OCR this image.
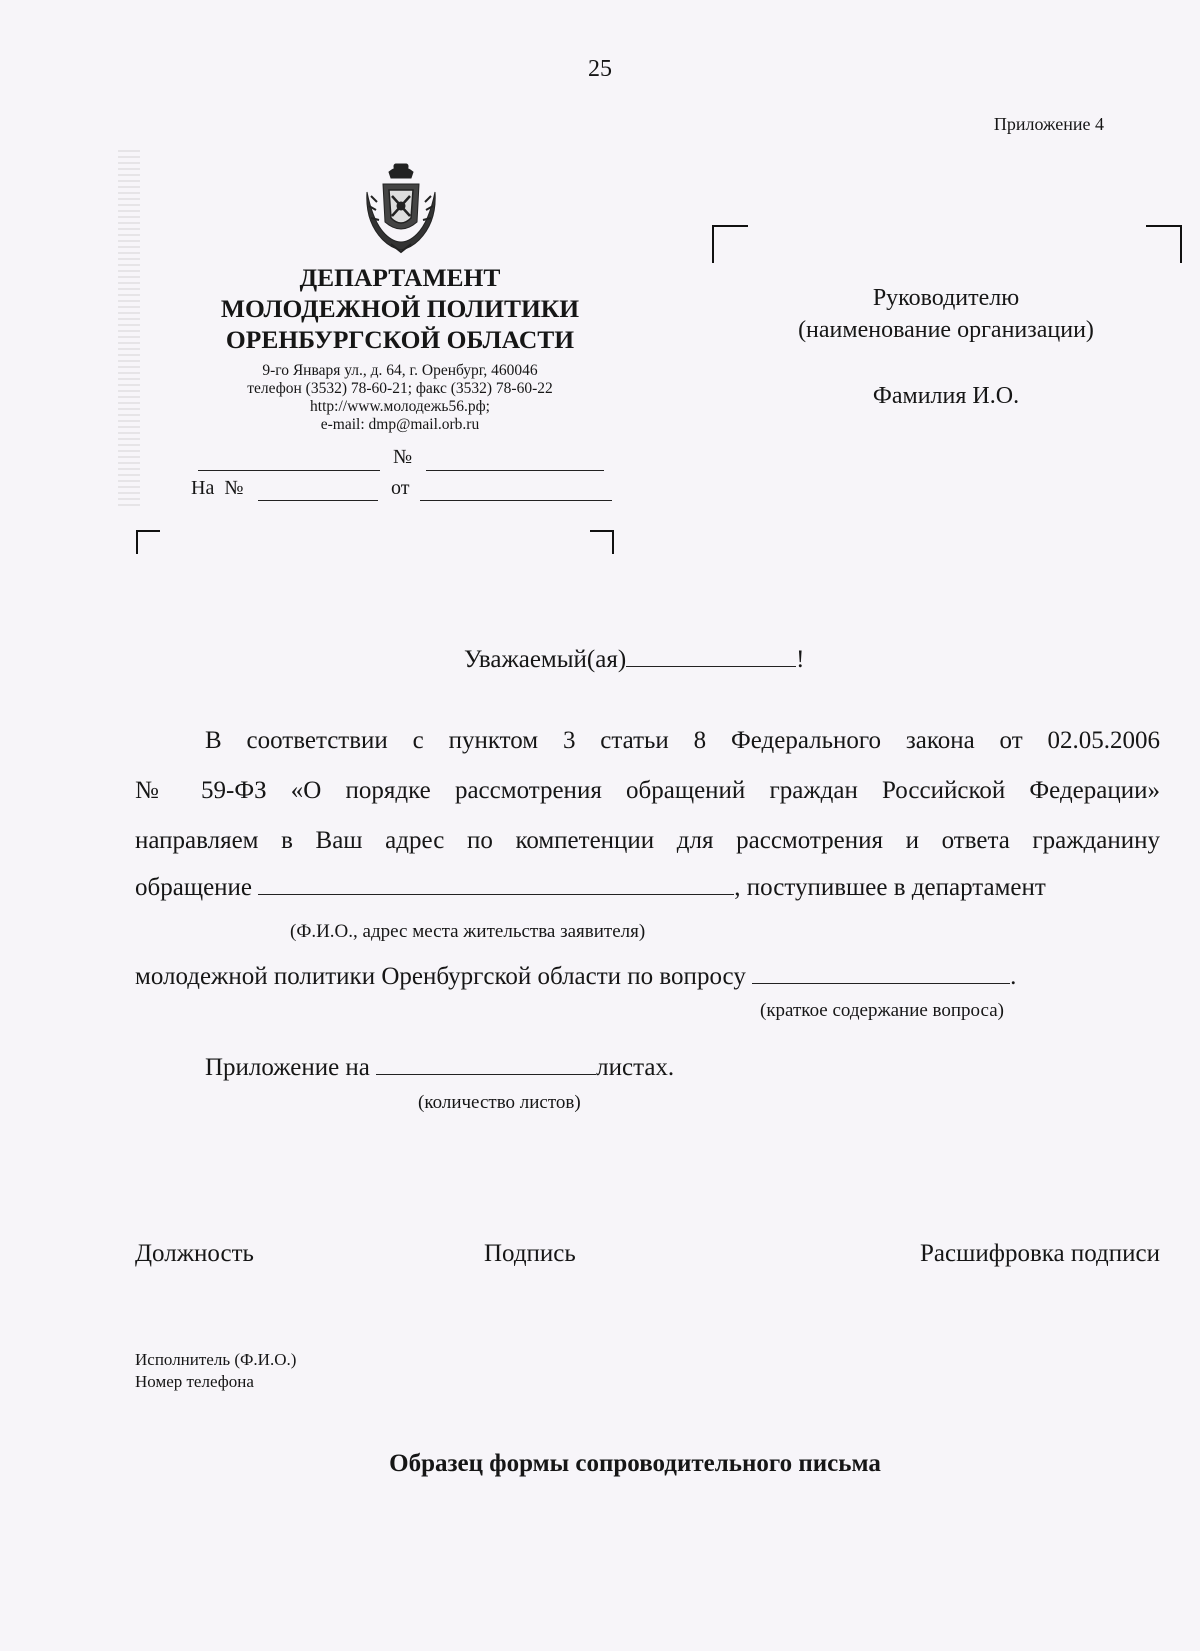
25
Приложение 4
ДЕПАРТАМЕНТ
МОЛОДЕЖНОЙ ПОЛИТИКИ
ОРЕНБУРГСКОЙ ОБЛАСТИ
9-го Января ул., д. 64, г. Оренбург, 460046
телефон (3532) 78-60-21; факс (3532) 78-60-22
http://www.молодежь56.рф;
e-mail: dmp@mail.orb.ru
№
На  №	от
Руководителю
(наименование организации)
Фамилия И.О.
Уважаемый(ая)	!
В соответствии с пунктом 3 статьи 8 Федерального закона от 02.05.2006
№ 59-ФЗ «О порядке рассмотрения обращений граждан Российской Федерации»
направляем в Ваш адрес по компетенции для рассмотрения и ответа гражданину
обращение	, поступившее в департамент
(Ф.И.О., адрес места жительства заявителя)
молодежной политики Оренбургской области по вопросу	.
(краткое содержание вопроса)
Приложение на	листах.
(количество листов)
Должность	Подпись	Расшифровка подписи
Исполнитель (Ф.И.О.)
Номер телефона
Образец формы сопроводительного письма
